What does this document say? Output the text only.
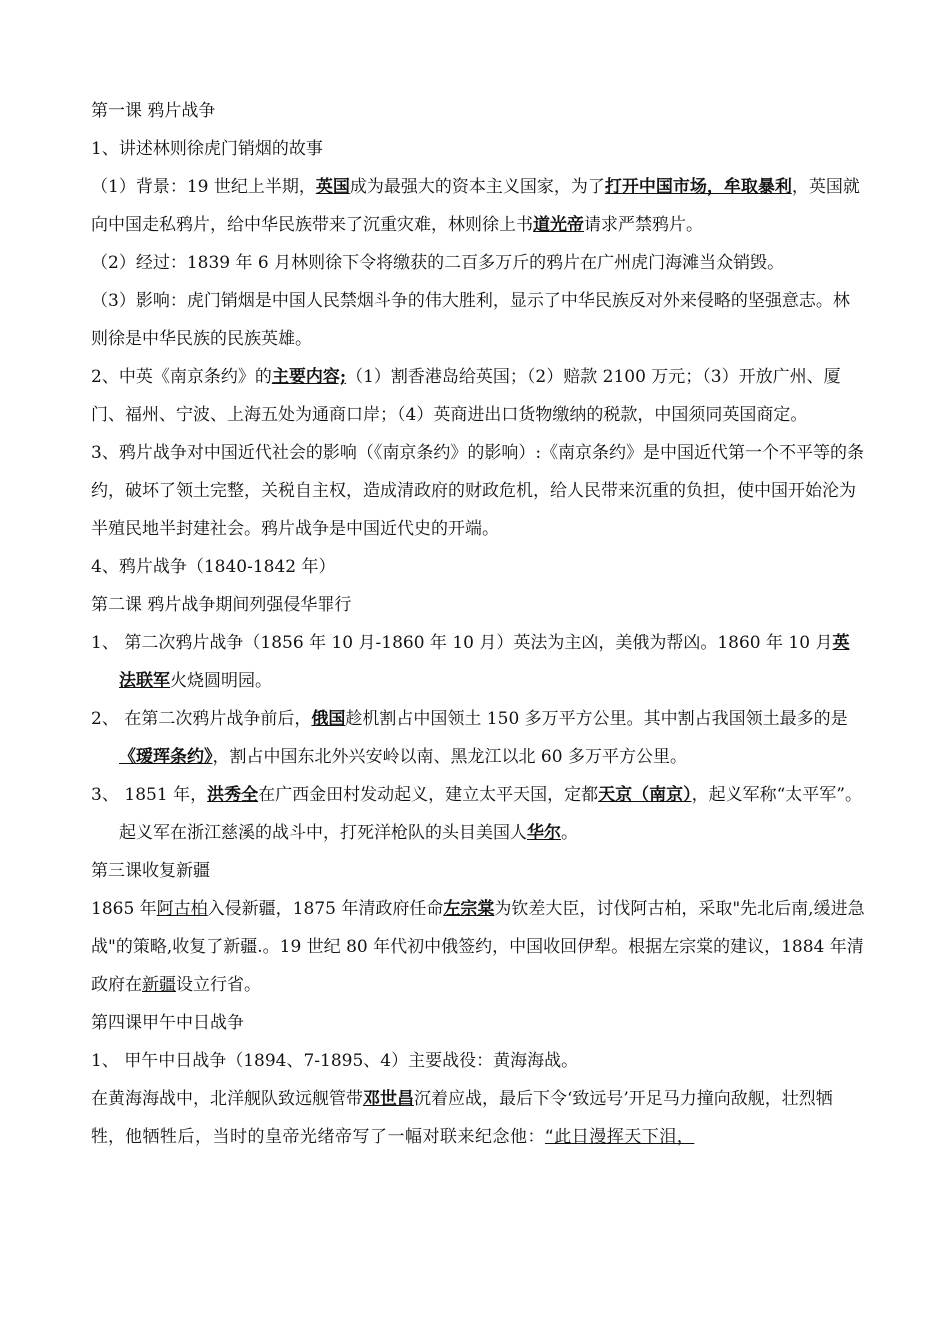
第一课 鸦片战争

1、讲述林则徐虎门销烟的故事

（1）背景：19 世纪上半期，英国成为最强大的资本主义国家，为了打开中国市场，牟取暴利，英国就向中国走私鸦片，给中华民族带来了沉重灾难，林则徐上书道光帝请求严禁鸦片。

（2）经过：1839 年 6 月林则徐下令将缴获的二百多万斤的鸦片在广州虎门海滩当众销毁。

（3）影响：虎门销烟是中国人民禁烟斗争的伟大胜利，显示了中华民族反对外来侵略的坚强意志。林则徐是中华民族的民族英雄。

2、中英《南京条约》的主要内容;（1）割香港岛给英国；（2）赔款 2100 万元；（3）开放广州、厦门、福州、宁波、上海五处为通商口岸；（4）英商进出口货物缴纳的税款，中国须同英国商定。

3、鸦片战争对中国近代社会的影响（《南京条约》的影响）:《南京条约》是中国近代第一个不平等的条约，破坏了领土完整，关税自主权，造成清政府的财政危机，给人民带来沉重的负担，使中国开始沦为半殖民地半封建社会。鸦片战争是中国近代史的开端。

4、鸦片战争（1840-1842 年）

第二课 鸦片战争期间列强侵华罪行

1、 第二次鸦片战争（1856 年 10 月-1860 年 10 月）英法为主凶，美俄为帮凶。1860 年 10 月英法联军火烧圆明园。

2、 在第二次鸦片战争前后，俄国趁机割占中国领土 150 多万平方公里。其中割占我国领土最多的是《瑷珲条约》，割占中国东北外兴安岭以南、黑龙江以北 60 多万平方公里。

3、 1851 年，洪秀全在广西金田村发动起义，建立太平天国，定都天京（南京），起义军称“太平军”。起义军在浙江慈溪的战斗中，打死洋枪队的头目美国人华尔。

第三课收复新疆

1865 年阿古柏入侵新疆，1875 年清政府任命左宗棠为钦差大臣，讨伐阿古柏，采取"先北后南,缓进急战"的策略,收复了新疆.。19 世纪 80 年代初中俄签约，中国收回伊犁。根据左宗棠的建议，1884 年清政府在新疆设立行省。

第四课甲午中日战争

1、 甲午中日战争（1894、7-1895、4）主要战役：黄海海战。

在黄海海战中，北洋舰队致远舰管带邓世昌沉着应战，最后下令‘致远号’开足马力撞向敌舰，壮烈牺牲，他牺牲后，当时的皇帝光绪帝写了一幅对联来纪念他：“此日漫挥天下泪，
